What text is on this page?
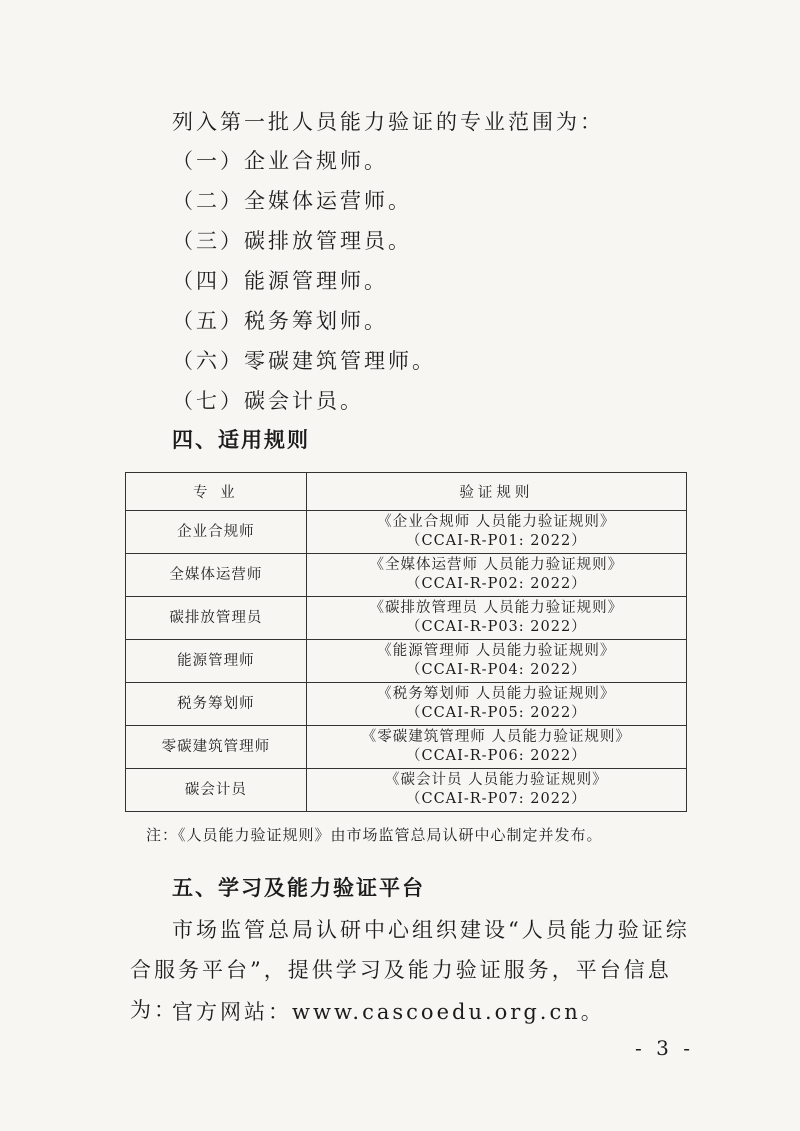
列入第一批人员能力验证的专业范围为：
（一）企业合规师。
（二）全媒体运营师。
（三）碳排放管理员。
（四）能源管理师。
（五）税务筹划师。
（六）零碳建筑管理师。
（七）碳会计员。
四、适用规则
专 业	验证规则
企业合规师	《企业合规师 人员能力验证规则》
（CCAI-R-P01: 2022）

全媒体运营师	《全媒体运营师 人员能力验证规则》
（CCAI-R-P02: 2022）

碳排放管理员	《碳排放管理员 人员能力验证规则》
（CCAI-R-P03: 2022）

能源管理师	《能源管理师 人员能力验证规则》
（CCAI-R-P04: 2022）

税务筹划师	《税务筹划师 人员能力验证规则》
（CCAI-R-P05: 2022）

零碳建筑管理师	《零碳建筑管理师 人员能力验证规则》
（CCAI-R-P06: 2022）

碳会计员	《碳会计员 人员能力验证规则》
（CCAI-R-P07: 2022）
注：《人员能力验证规则》由市场监管总局认研中心制定并发布。
五、学习及能力验证平台
市场监管总局认研中心组织建设“人员能力验证综合服务平台”，提供学习及能力验证服务，平台信息为：
官方网站：www.cascoedu.org.cn。
- 3 -
